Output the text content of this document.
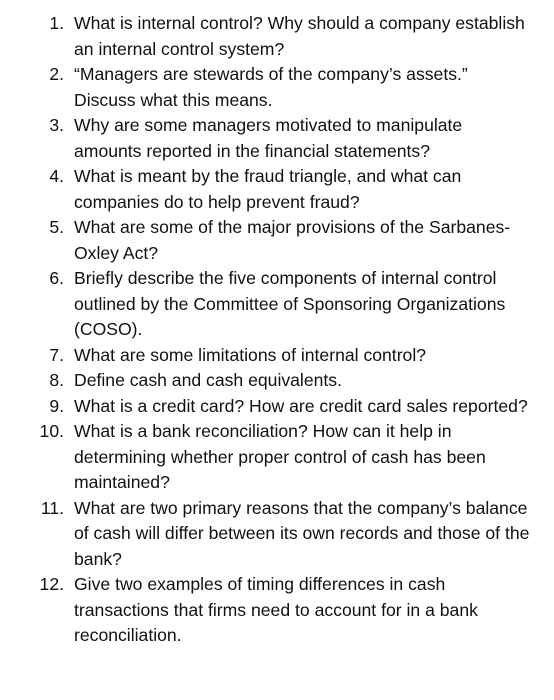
1. What is internal control? Why should a company establish an internal control system?
2. “Managers are stewards of the company’s assets.” Discuss what this means.
3. Why are some managers motivated to manipulate amounts reported in the financial statements?
4. What is meant by the fraud triangle, and what can companies do to help prevent fraud?
5. What are some of the major provisions of the Sarbanes-Oxley Act?
6. Briefly describe the five components of internal control outlined by the Committee of Sponsoring Organizations (COSO).
7. What are some limitations of internal control?
8. Define cash and cash equivalents.
9. What is a credit card? How are credit card sales reported?
10. What is a bank reconciliation? How can it help in determining whether proper control of cash has been maintained?
11. What are two primary reasons that the company’s balance of cash will differ between its own records and those of the bank?
12. Give two examples of timing differences in cash transactions that firms need to account for in a bank reconciliation.
